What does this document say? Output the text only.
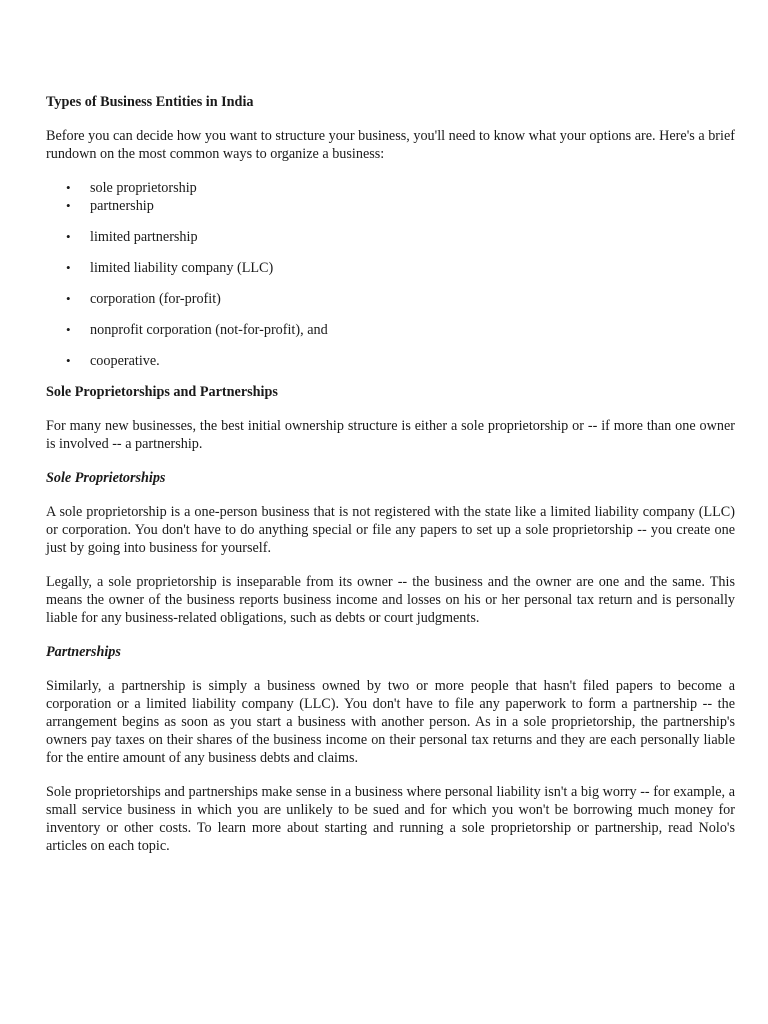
Types of Business Entities in India

Before you can decide how you want to structure your business, you'll need to know what your options are. Here's a brief rundown on the most common ways to organize a business:

• sole proprietorship
• partnership
• limited partnership
• limited liability company (LLC)
• corporation (for-profit)
• nonprofit corporation (not-for-profit), and
• cooperative.
Sole Proprietorships and Partnerships

For many new businesses, the best initial ownership structure is either a sole proprietorship or -- if more than one owner is involved -- a partnership.

Sole Proprietorships

A sole proprietorship is a one-person business that is not registered with the state like a limited liability company (LLC) or corporation. You don't have to do anything special or file any papers to set up a sole proprietorship -- you create one just by going into business for yourself.

Legally, a sole proprietorship is inseparable from its owner -- the business and the owner are one and the same. This means the owner of the business reports business income and losses on his or her personal tax return and is personally liable for any business-related obligations, such as debts or court judgments.

Partnerships

Similarly, a partnership is simply a business owned by two or more people that hasn't filed papers to become a corporation or a limited liability company (LLC). You don't have to file any paperwork to form a partnership -- the arrangement begins as soon as you start a business with another person. As in a sole proprietorship, the partnership's owners pay taxes on their shares of the business income on their personal tax returns and they are each personally liable for the entire amount of any business debts and claims.

Sole proprietorships and partnerships make sense in a business where personal liability isn't a big worry -- for example, a small service business in which you are unlikely to be sued and for which you won't be borrowing much money for inventory or other costs. To learn more about starting and running a sole proprietorship or partnership, read Nolo's articles on each topic.
